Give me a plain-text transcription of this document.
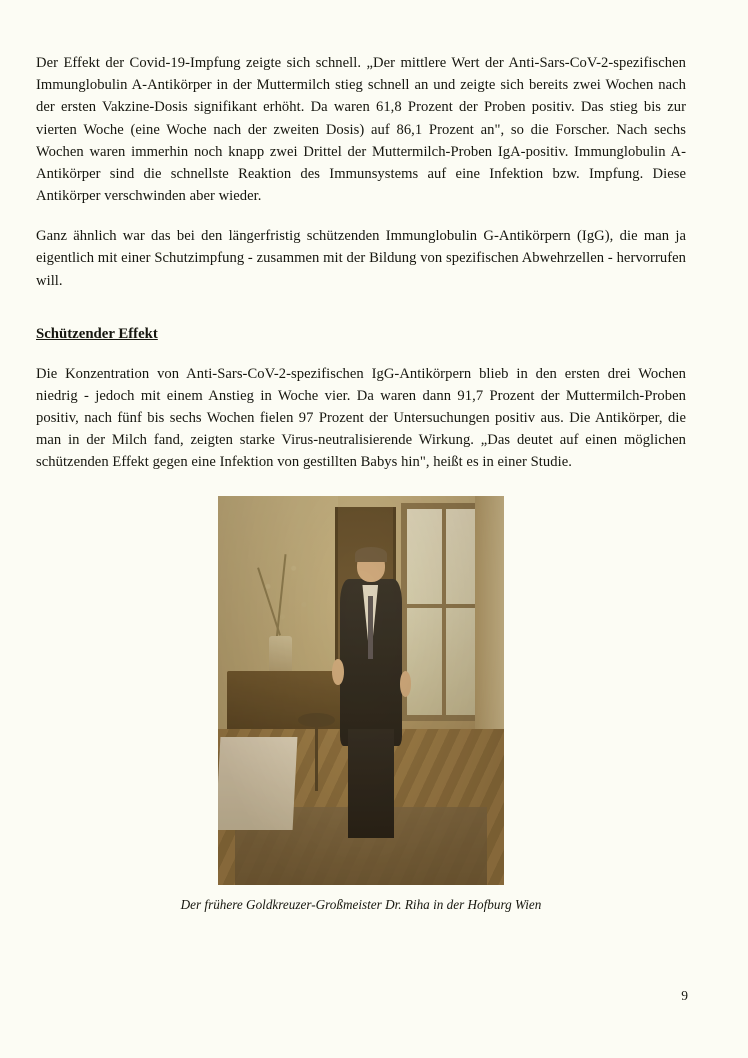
Der Effekt der Covid-19-Impfung zeigte sich schnell. „Der mittlere Wert der Anti-Sars-CoV-2-spezifischen Immunglobulin A-Antikörper in der Muttermilch stieg schnell an und zeigte sich bereits zwei Wochen nach der ersten Vakzine-Dosis signifikant erhöht. Da waren 61,8 Prozent der Proben positiv. Das stieg bis zur vierten Woche (eine Woche nach der zweiten Dosis) auf 86,1 Prozent an", so die Forscher. Nach sechs Wochen waren immerhin noch knapp zwei Drittel der Muttermilch-Proben IgA-positiv. Immunglobulin A-Antikörper sind die schnellste Reaktion des Immunsystems auf eine Infektion bzw. Impfung. Diese Antikörper verschwinden aber wieder.

Ganz ähnlich war das bei den längerfristig schützenden Immunglobulin G-Antikörpern (IgG), die man ja eigentlich mit einer Schutzimpfung - zusammen mit der Bildung von spezifischen Abwehrzellen - hervorrufen will.

Schützender Effekt

Die Konzentration von Anti-Sars-CoV-2-spezifischen IgG-Antikörpern blieb in den ersten drei Wochen niedrig - jedoch mit einem Anstieg in Woche vier. Da waren dann 91,7 Prozent der Muttermilch-Proben positiv, nach fünf bis sechs Wochen fielen 97 Prozent der Untersuchungen positiv aus. Die Antikörper, die man in der Milch fand, zeigten starke Virus-neutralisierende Wirkung. „Das deutet auf einen möglichen schützenden Effekt gegen eine Infektion von gestillten Babys hin", heißt es in einer Studie.

Der frühere Goldkreuzer-Großmeister Dr. Riha in der Hofburg Wien
9
